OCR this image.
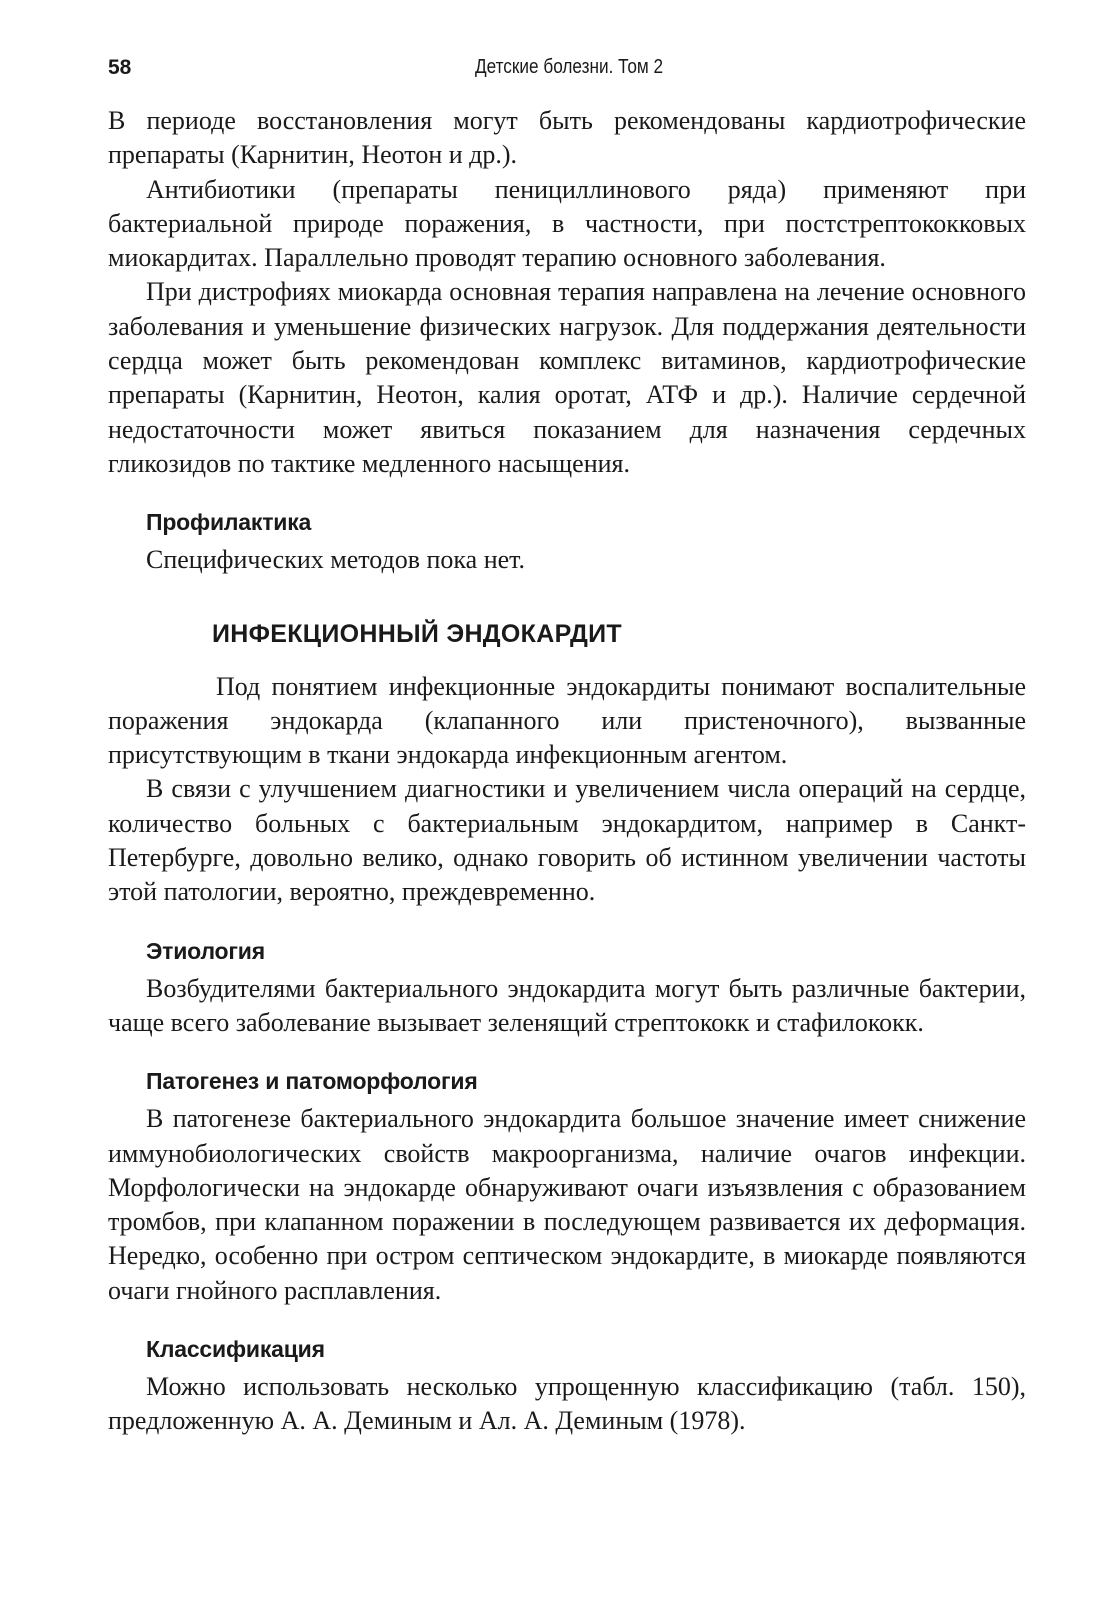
58	Детские болезни. Том 2

В периоде восстановления могут быть рекомендованы кардиотрофические препараты (Карнитин, Неотон и др.).

Антибиотики (препараты пенициллинового ряда) применяют при бактериальной природе поражения, в частности, при постстрептококковых миокардитах. Параллельно проводят терапию основного заболевания.

При дистрофиях миокарда основная терапия направлена на лечение основного заболевания и уменьшение физических нагрузок. Для поддержания деятельности сердца может быть рекомендован комплекс витаминов, кардиотрофические препараты (Карнитин, Неотон, калия оротат, АТФ и др.). Наличие сердечной недостаточности может явиться показанием для назначения сердечных гликозидов по тактике медленного насыщения.

Профилактика

Специфических методов пока нет.

ИНФЕКЦИОННЫЙ ЭНДОКАРДИТ

Под понятием инфекционные эндокардиты понимают воспалительные поражения эндокарда (клапанного или пристеночного), вызванные присутствующим в ткани эндокарда инфекционным агентом.

В связи с улучшением диагностики и увеличением числа операций на сердце, количество больных с бактериальным эндокардитом, например в Санкт-Петербурге, довольно велико, однако говорить об истинном увеличении частоты этой патологии, вероятно, преждевременно.

Этиология

Возбудителями бактериального эндокардита могут быть различные бактерии, чаще всего заболевание вызывает зеленящий стрептококк и стафилококк.

Патогенез и патоморфология

В патогенезе бактериального эндокардита большое значение имеет снижение иммунобиологических свойств макроорганизма, наличие очагов инфекции. Морфологически на эндокарде обнаруживают очаги изъязвления с образованием тромбов, при клапанном поражении в последующем развивается их деформация. Нередко, особенно при остром септическом эндокардите, в миокарде появляются очаги гнойного расплавления.

Классификация

Можно использовать несколько упрощенную классификацию (табл. 150), предложенную А. А. Деминым и Ал. А. Деминым (1978).
